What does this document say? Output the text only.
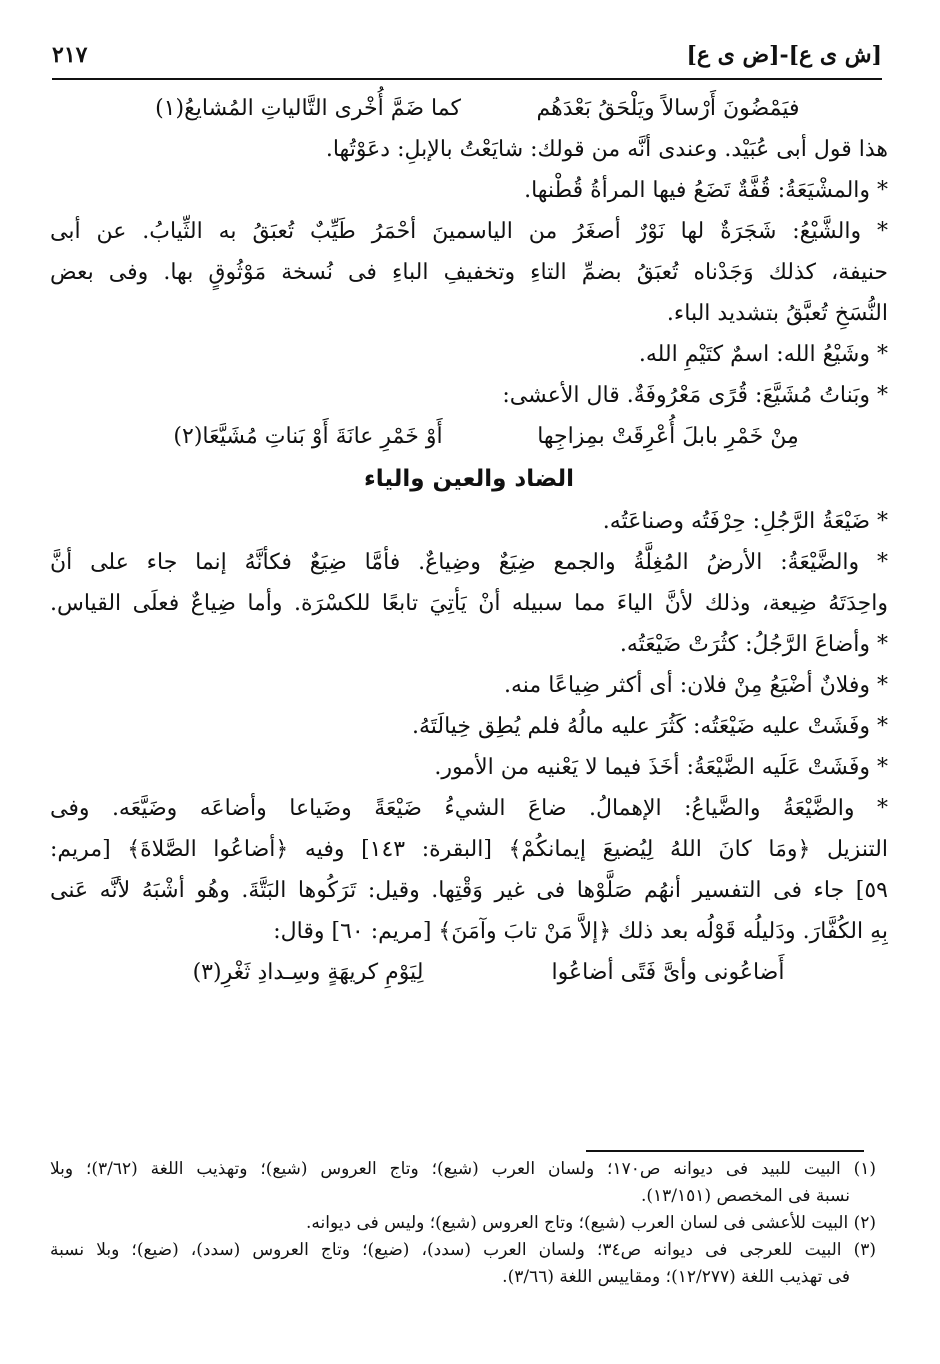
[ش ى ع]-[ض ى ع]
٢١٧
فيَمْضُونَ أَرْسالاً ويَلْحَقُ بَعْدَهُم
كما ضَمَّ أُخْرى التَّالياتِ المُشايعُ(١)
هذا قول أبى عُبَيْد. وعندى أنَّه من قولك: شايَعْتُ بالإبلِ: دعَوْتُها.
* والمشْيَعَةُ: قُفَّةٌ تَضَعُ فيها المرأةُ قُطْنها.
* والشَّيْعُ: شَجَرَةٌ لها نَوْرٌ أصغَرُ من الياسمينَ أحْمَرُ طَيِّبٌ تُعبَقُ به الثِّيابُ. عن أبى
حنيفة، كذلك وَجَدْناه تُعبَقُ بضمِّ التاءِ وتخفيفِ الباءِ فى نُسخة مَوْثُوقٍ بها. وفى بعض
النُّسَخِ تُعبَّقُ بتشديد الباء.
* وشَيْعُ الله: اسمٌ كتَيْمِ الله.
* وبَناتُ مُشَيَّعَ: قُرًى مَعْرُوفَةٌ. قال الأعشى:
مِنْ خَمْرِ بابلَ أُعْرِقَتْ بمِزاجِها
أَوْ خَمْرِ عانَةَ أَوْ بَناتِ مُشَيَّعَا(٢)
الضاد والعين والياء
* ضَيْعَةُ الرَّجُلِ: حِرْفَتُه وصناعَتُه.
* والضَّيْعَةُ: الأرضُ المُغِلَّةُ والجمع ضِيَعٌ وضِياعٌ. فأمَّا ضِيَعٌ فكأنَّهُ إنما جاء على أنَّ
واحِدَتَهُ ضِيعة، وذلك لأنَّ الياءَ مما سبيله أنْ يَأتِيَ تابعًا للكسْرَة. وأما ضِياعٌ فعلَى القياس.
* وأضاعَ الرَّجُلُ: كثُرَتْ ضَيْعَتُه.
* وفلانٌ أضْيَعُ مِنْ فلان: أى أكثر ضِياعًا منه.
* وفَشَتْ عليه ضَيْعَتُه: كَثُرَ عليه مالُهُ فلم يُطِق خِيالَتَهُ.
* وفَشَتْ عَلَيه الضَّيْعَةُ: أخَذَ فيما لا يَعْنيه من الأمور.
* والضَّيْعَةُ والضَّياعُ: الإهمالُ. ضاعَ الشيءُ ضَيْعَةً وضَياعا وأضاعَه وضَيَّعَه. وفى
التنزيل ﴿ومَا كانَ اللهُ لِيُضيعَ إيمانكُمْ﴾ [البقرة: ١٤٣] وفيه ﴿أضاعُوا الصَّلاةَ﴾ [مريم:
٥٩] جاء فى التفسير أنهُم صَلَّوْها فى غير وَقْتِها. وقيل: تَرَكُوها البَتَّةَ. وهُو أشْبَهُ لأنَّه عَنى
بِهِ الكُفَّارَ. ودَليلُه قَوْلُه بعد ذلك ﴿إلاَّ مَنْ تابَ وآمَنَ﴾ [مريم: ٦٠] وقال:
أَضاعُونى وأىَّ فَتًى أضاعُوا
لِيَوْمِ كريهَةٍ وسِـدادِ ثَغْرِ(٣)
(١) البيت للبيد فى ديوانه ص١٧٠؛ ولسان العرب (شيع)؛ وتاج العروس (شيع)؛ وتهذيب اللغة (٣/٦٢)؛ وبلا
نسبة فى المخصص (١٣/١٥١).
(٢) البيت للأعشى فى لسان العرب (شيع)؛ وتاج العروس (شيع)؛ وليس فى ديوانه.
(٣) البيت للعرجى فى ديوانه ص٣٤؛ ولسان العرب (سدد)، (ضيع)؛ وتاج العروس (سدد)، (ضيع)؛ وبلا نسبة
فى تهذيب اللغة (١٢/٢٧٧)؛ ومقاييس اللغة (٣/٦٦).
